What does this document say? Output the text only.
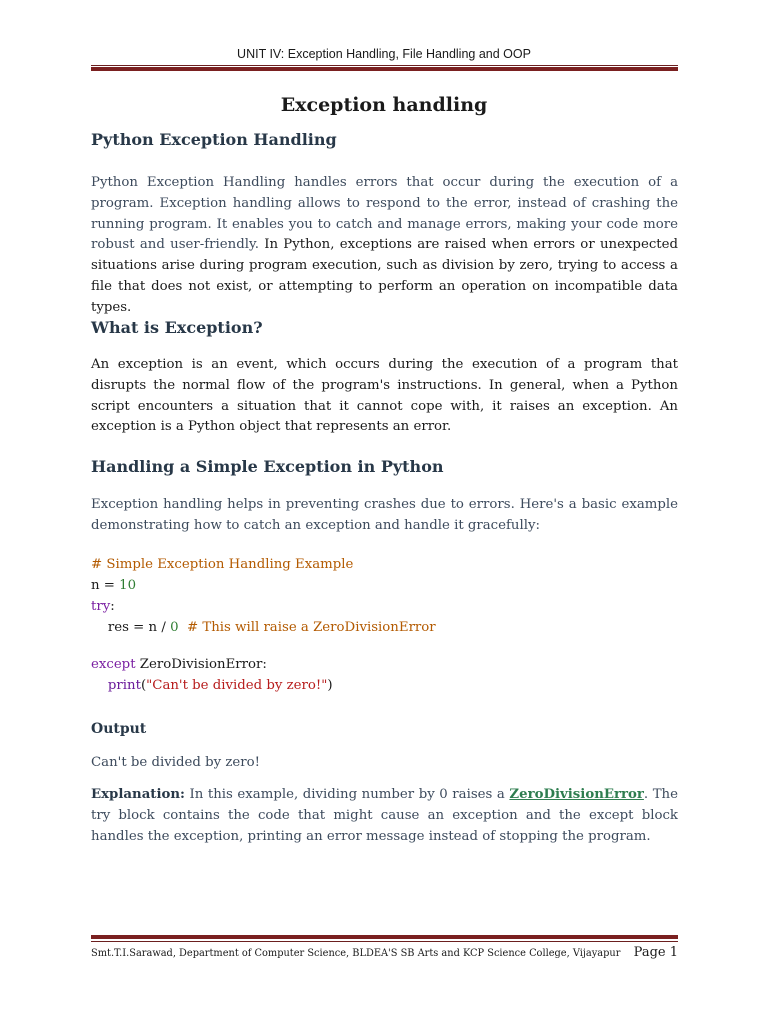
UNIT IV: Exception Handling, File Handling and OOP
Exception handling
Python Exception Handling
Python Exception Handling handles errors that occur during the execution of a program. Exception handling allows to respond to the error, instead of crashing the running program. It enables you to catch and manage errors, making your code more robust and user-friendly. In Python, exceptions are raised when errors or unexpected situations arise during program execution, such as division by zero, trying to access a file that does not exist, or attempting to perform an operation on incompatible data types.
What is Exception?
An exception is an event, which occurs during the execution of a program that disrupts the normal flow of the program's instructions. In general, when a Python script encounters a situation that it cannot cope with, it raises an exception. An exception is a Python object that represents an error.
Handling a Simple Exception in Python
Exception handling helps in preventing crashes due to errors. Here's a basic example demonstrating how to catch an exception and handle it gracefully:
# Simple Exception Handling Example
n = 10
try:
res = n / 0  # This will raise a ZeroDivisionError
except ZeroDivisionError:
print("Can't be divided by zero!")
Output
Can't be divided by zero!
Explanation: In this example, dividing number by 0 raises a ZeroDivisionError. The try block contains the code that might cause an exception and the except block handles the exception, printing an error message instead of stopping the program.
Smt.T.I.Sarawad, Department of Computer Science, BLDEA'S SB Arts and KCP Science College, Vijayapur Page 1
